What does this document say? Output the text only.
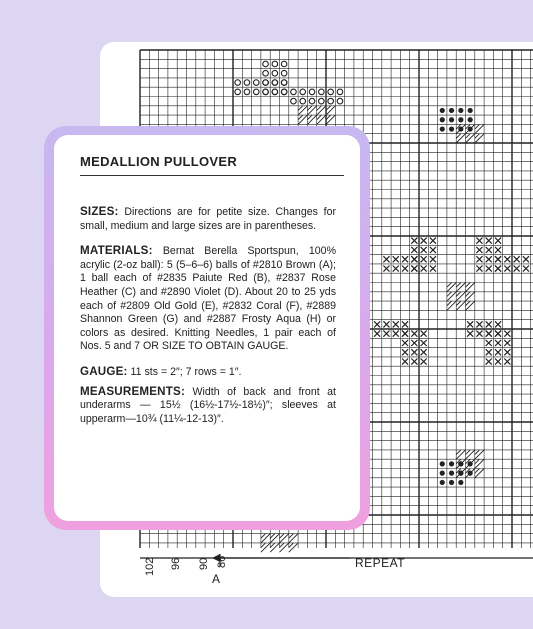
MEDALLION PULLOVER

SIZES: Directions are for petite size. Changes for small, medium and large sizes are in parentheses.

MATERIALS: Bernat Berella Sportspun, 100% acrylic (2-oz ball): 5 (5–6–6) balls of #2810 Brown (A); 1 ball each of #2835 Paiute Red (B), #2837 Rose Heather (C) and #2890 Violet (D). About 20 to 25 yds each of #2809 Old Gold (E), #2832 Coral (F), #2889 Shannon Green (G) and #2887 Frosty Aqua (H) or colors as desired. Knitting Needles, 1 pair each of Nos. 5 and 7 OR SIZE TO OBTAIN GAUGE.

GAUGE: 11 sts = 2″; 7 rows = 1″.

MEASUREMENTS: Width of back and front at underarms — 15½ (16½-17½-18½)″; sleeves at upperarm—10¾ (11¼-12-13)″.

102 96 90 86
A
REPEAT
